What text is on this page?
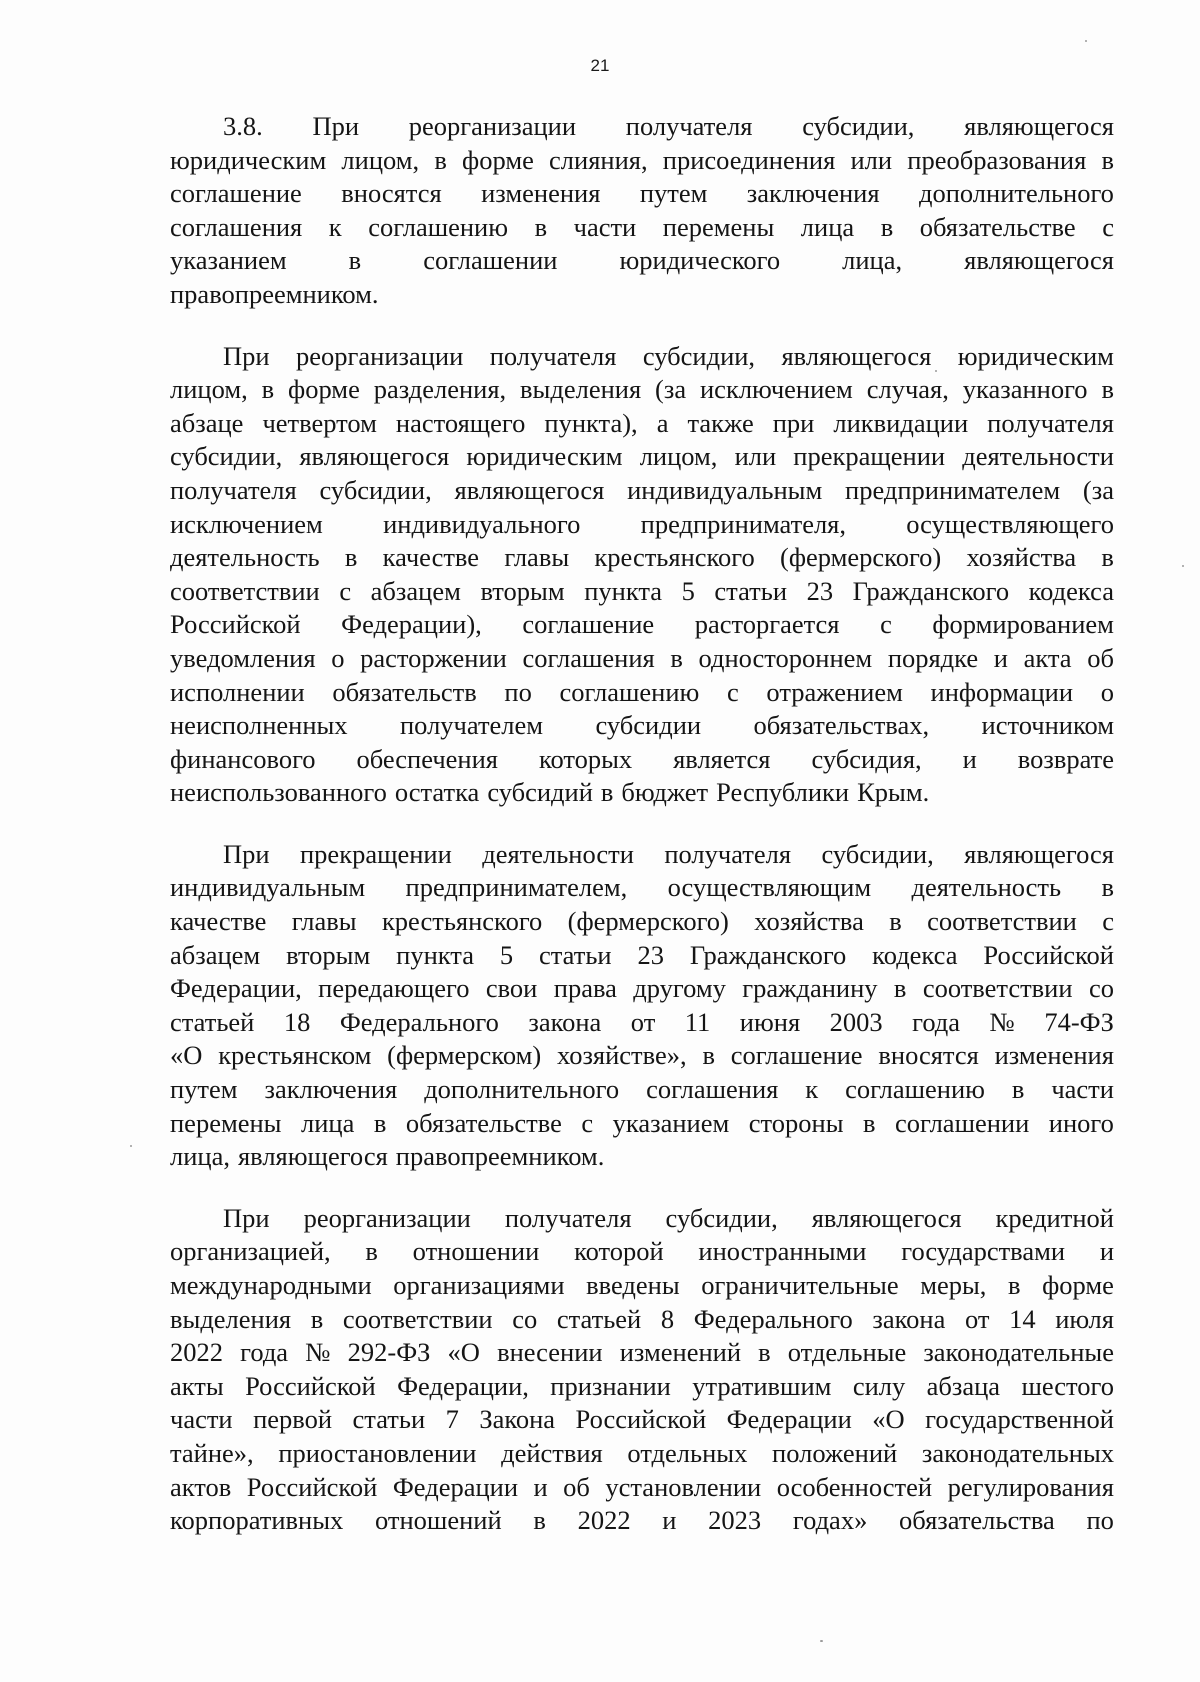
21
3.8. При реорганизации получателя субсидии, являющегося
юридическим лицом, в форме слияния, присоединения или преобразования в
соглашение вносятся изменения путем заключения дополнительного
соглашения к соглашению в части перемены лица в обязательстве с
указанием в соглашении юридического лица, являющегося
правопреемником.
При реорганизации получателя субсидии, являющегося юридическим
лицом, в форме разделения, выделения (за исключением случая, указанного в
абзаце четвертом настоящего пункта), а также при ликвидации получателя
субсидии, являющегося юридическим лицом, или прекращении деятельности
получателя субсидии, являющегося индивидуальным предпринимателем (за
исключением индивидуального предпринимателя, осуществляющего
деятельность в качестве главы крестьянского (фермерского) хозяйства в
соответствии с абзацем вторым пункта 5 статьи 23 Гражданского кодекса
Российской Федерации), соглашение расторгается с формированием
уведомления о расторжении соглашения в одностороннем порядке и акта об
исполнении обязательств по соглашению с отражением информации о
неисполненных получателем субсидии обязательствах, источником
финансового обеспечения которых является субсидия, и возврате
неиспользованного остатка субсидий в бюджет Республики Крым.
При прекращении деятельности получателя субсидии, являющегося
индивидуальным предпринимателем, осуществляющим деятельность в
качестве главы крестьянского (фермерского) хозяйства в соответствии с
абзацем вторым пункта 5 статьи 23 Гражданского кодекса Российской
Федерации, передающего свои права другому гражданину в соответствии со
статьей 18 Федерального закона от 11 июня 2003 года № 74-ФЗ
«О крестьянском (фермерском) хозяйстве», в соглашение вносятся изменения
путем заключения дополнительного соглашения к соглашению в части
перемены лица в обязательстве с указанием стороны в соглашении иного
лица, являющегося правопреемником.
При реорганизации получателя субсидии, являющегося кредитной
организацией, в отношении которой иностранными государствами и
международными организациями введены ограничительные меры, в форме
выделения в соответствии со статьей 8 Федерального закона от 14 июля
2022 года № 292-ФЗ «О внесении изменений в отдельные законодательные
акты Российской Федерации, признании утратившим силу абзаца шестого
части первой статьи 7 Закона Российской Федерации «О государственной
тайне», приостановлении действия отдельных положений законодательных
актов Российской Федерации и об установлении особенностей регулирования
корпоративных отношений в 2022 и 2023 годах» обязательства по
